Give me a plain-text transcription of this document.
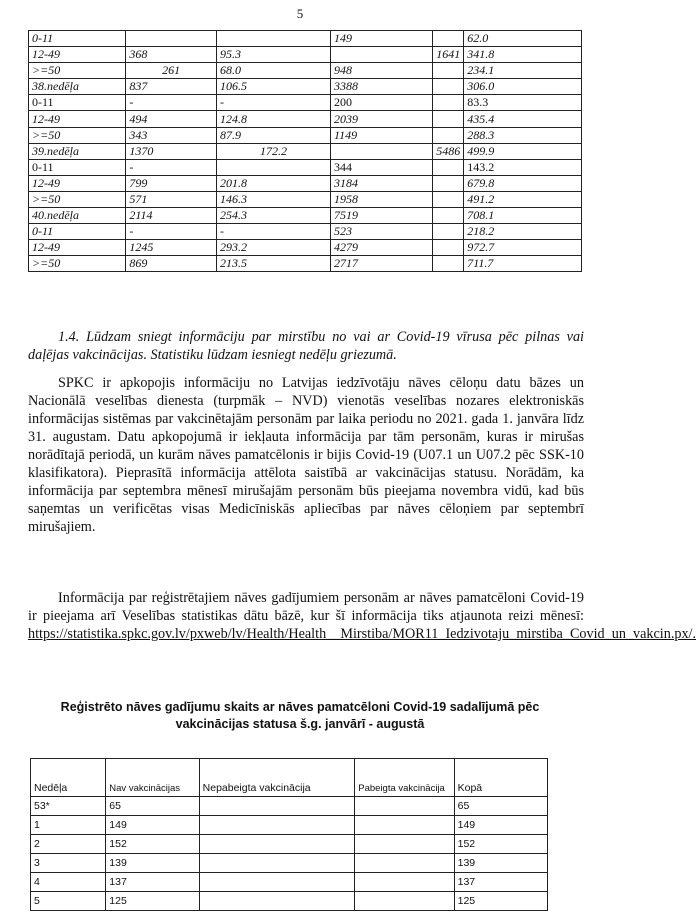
5
0-11			149		62.0
12-49	368	95.3		1641	341.8
>=50	261	68.0	948		234.1
38.nedēļa	837	106.5	3388		306.0
0-11	-	-	200		83.3
12-49	494	124.8	2039		435.4
>=50	343	87.9	1149		288.3
39.nedēļa	1370	172.2		5486	499.9
0-11	-		344		143.2
12-49	799	201.8	3184		679.8
>=50	571	146.3	1958		491.2
40.nedēļa	2114	254.3	7519		708.1
0-11	-	-	523		218.2
12-49	1245	293.2	4279		972.7
>=50	869	213.5	2717		711.7
1.4. Lūdzam sniegt informāciju par mirstību no vai ar Covid-19 vīrusa pēc pilnas vai daļējas vakcinācijas. Statistiku lūdzam iesniegt nedēļu griezumā.
SPKC ir apkopojis informāciju no Latvijas iedzīvotāju nāves cēloņu datu bāzes un Nacionālā veselības dienesta (turpmāk – NVD) vienotās veselības nozares elektroniskās informācijas sistēmas par vakcinētajām personām par laika periodu no 2021. gada 1. janvāra līdz 31. augustam. Datu apkopojumā ir iekļauta informācija par tām personām, kuras ir mirušas norādītajā periodā, un kurām nāves pamatcēlonis ir bijis Covid-19 (U07.1 un U07.2 pēc SSK-10 klasifikatora). Pieprasītā informācija attēlota saistībā ar vakcinācijas statusu. Norādām, ka informācija par septembra mēnesī mirušajām personām būs pieejama novembra vidū, kad būs saņemtas un verificētas visas Medicīniskās apliecības par nāves cēloņiem par septembrī mirušajiem.
Informācija par reģistrētajiem nāves gadījumiem personām ar nāves pamatcēloni Covid-19 ir pieejama arī Veselības statistikas dātu bāzē, kur šī informācija tiks atjaunota reizi mēnesī: https://statistika.spkc.gov.lv/pxweb/lv/Health/Health__Mirstiba/MOR11_Iedzivotaju_mirstiba_Covid_un_vakcin.px/.
Reģistrēto nāves gadījumu skaits ar nāves pamatcēloni Covid-19 sadalījumā pēc vakcinācijas statusa š.g. janvārī - augustā
Nedēļa	Nav vakcinācijas	Nepabeigta vakcinācija	Pabeigta vakcinācija	Kopā
53*	65			65
1	149			149
2	152			152
3	139			139
4	137			137
5	125			125
